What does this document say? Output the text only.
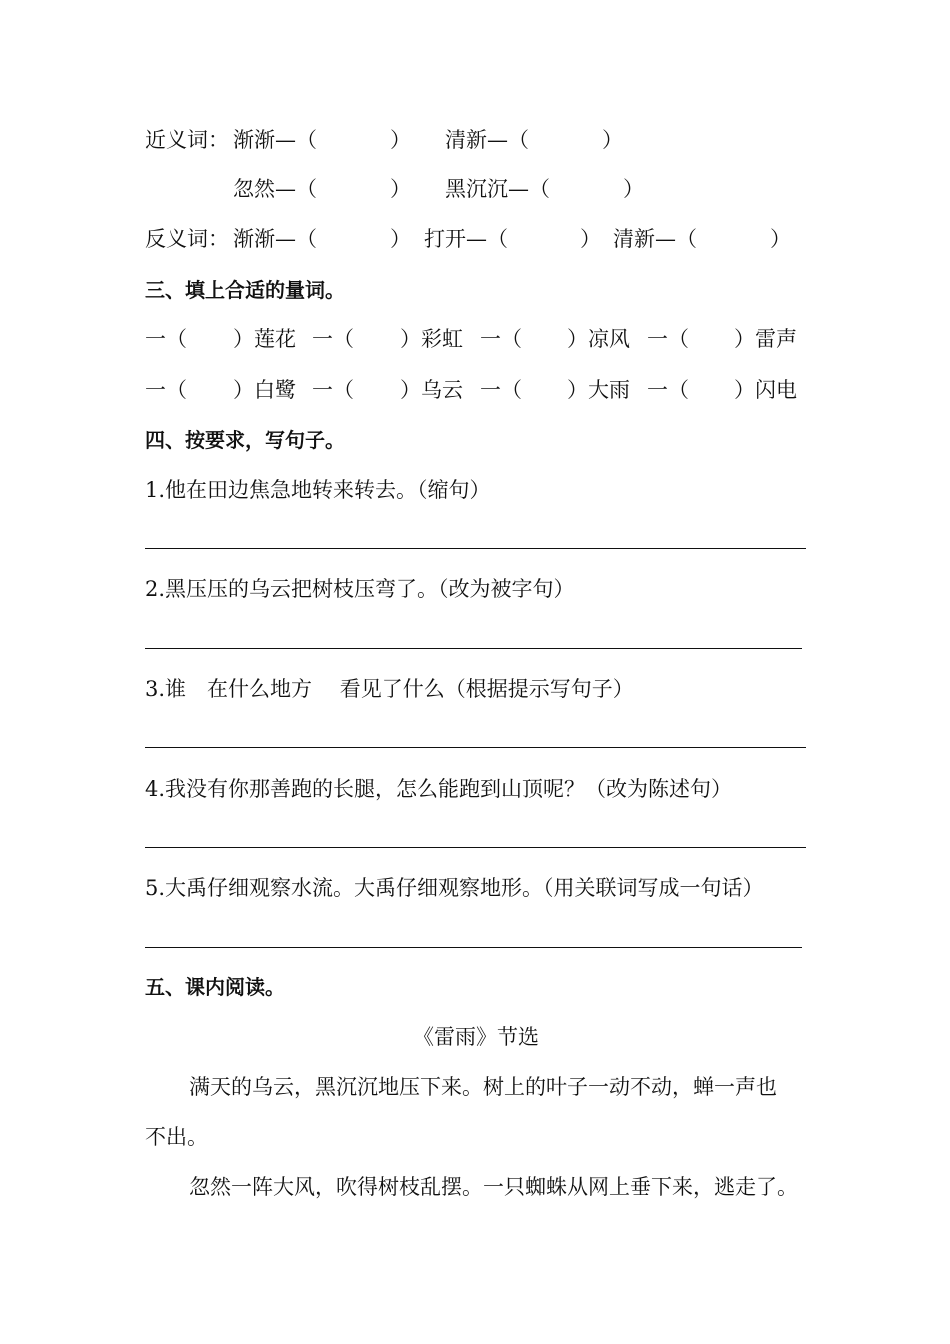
近义词： 渐渐—（	） 清新—（	）
忽然—（	） 黑沉沉—（	）
反义词： 渐渐—（	） 打开—（	） 清新—（	）
三、填上合适的量词。
一（ ）莲花 一（ ）彩虹 一（ ）凉风 一（ ）雷声
一（ ）白鹭 一（ ）乌云 一（ ）大雨 一（ ）闪电
四、按要求，写句子。
1.他在田边焦急地转来转去。（缩句）
2.黑压压的乌云把树枝压弯了。（改为被字句）
3.谁　在什么地方　 看见了什么（根据提示写句子）
4.我没有你那善跑的长腿，怎么能跑到山顶呢？（改为陈述句）
5.大禹仔细观察水流。大禹仔细观察地形。（用关联词写成一句话）
五、课内阅读。
《雷雨》节选
满天的乌云，黑沉沉地压下来。树上的叶子一动不动，蝉一声也
不出。
忽然一阵大风，吹得树枝乱摆。一只蜘蛛从网上垂下来，逃走了。
